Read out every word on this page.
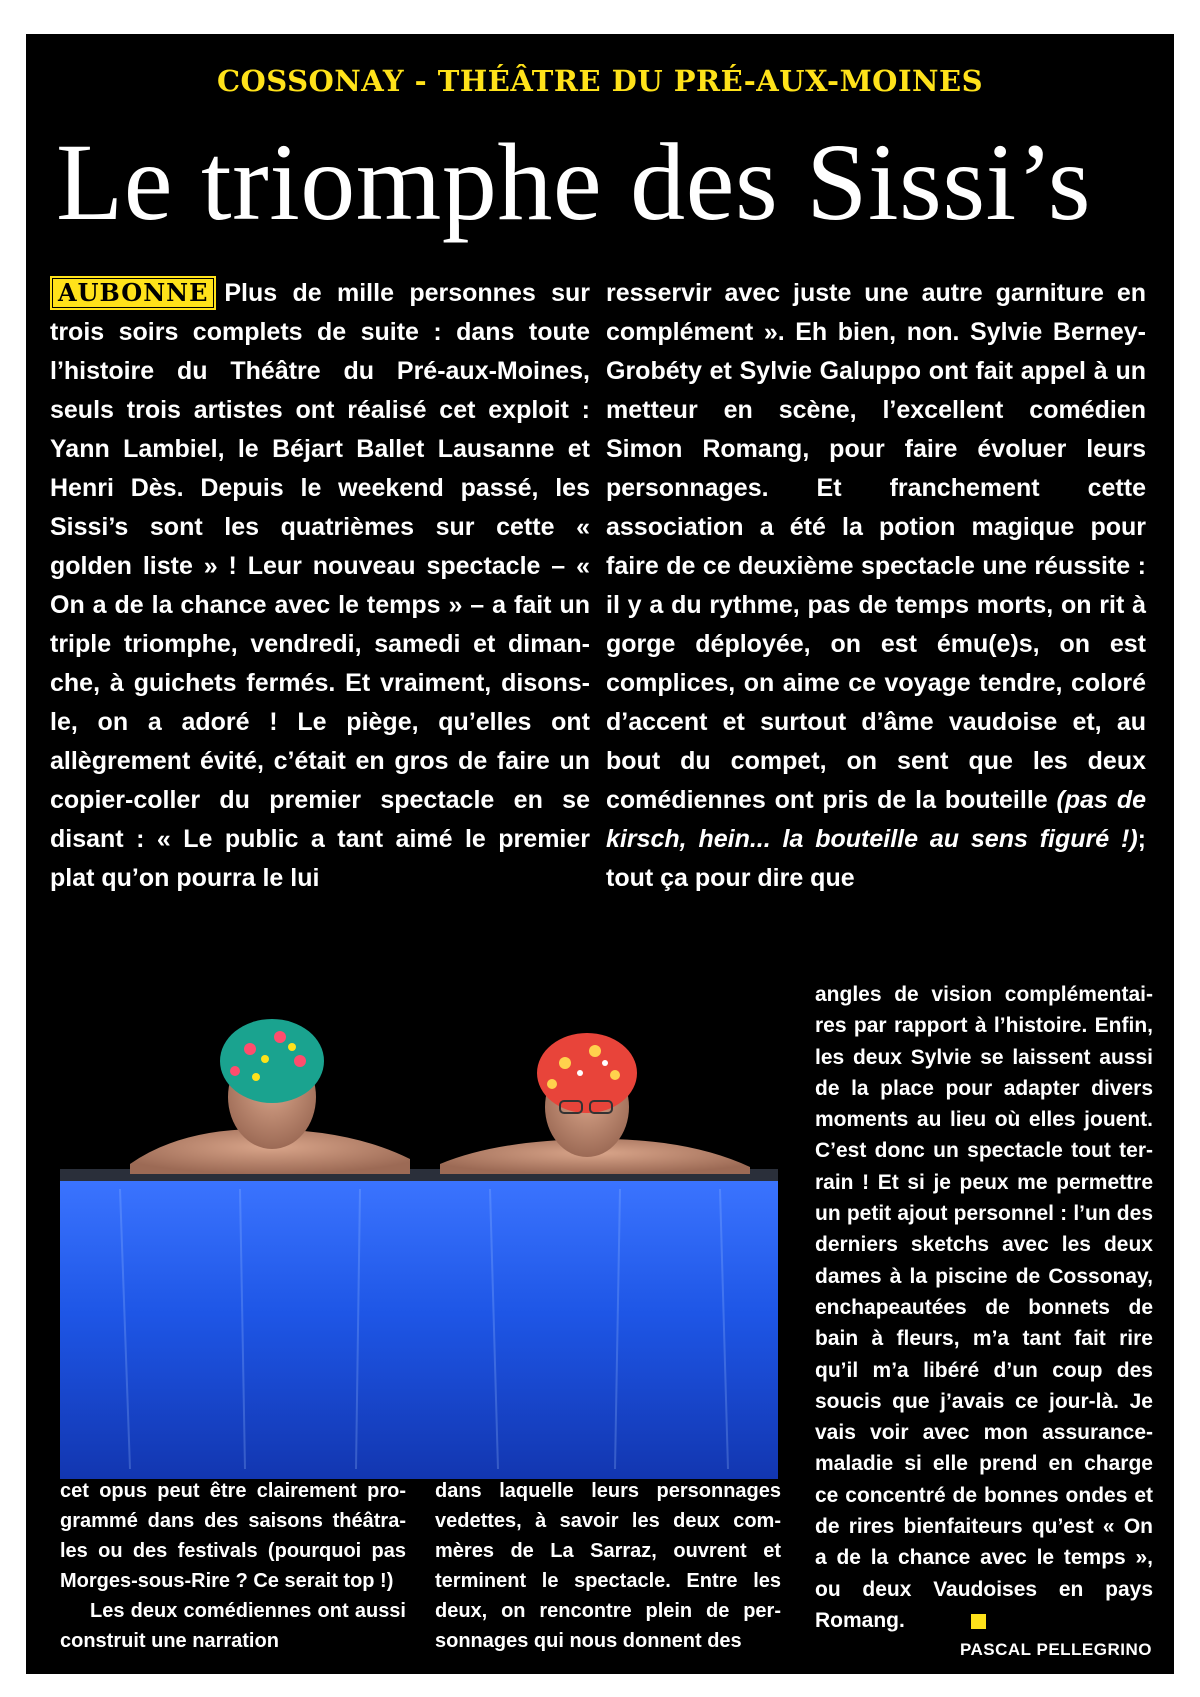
COSSONAY - THÉÂTRE DU PRÉ-AUX-MOINES
Le triomphe des Sissi’s

AUBONNE Plus de mille personnes sur trois soirs complets de suite : dans toute l’histoire du Théâtre du Pré-aux-Moines, seuls trois artistes ont réalisé cet exploit : Yann Lambiel, le Béjart Ballet Lausanne et Henri Dès. Depuis le weekend passé, les Sissi’s sont les quatrièmes sur cette « golden liste » ! Leur nouveau spectacle – « On a de la chance avec le temps » – a fait un triple triomphe, vendredi, samedi et dimanche, à guichets fermés. Et vraiment, disons-le, on a adoré ! Le piège, qu’elles ont allègrement évité, c’était en gros de faire un copier-coller du premier spectacle en se disant : « Le public a tant aimé le premier plat qu’on pourra le lui

resservir avec juste une autre garniture en complément ». Eh bien, non. Sylvie Berney-Grobéty et Sylvie Galuppo ont fait appel à un metteur en scène, l’excellent comédien Simon Romang, pour faire évoluer leurs personnages. Et franchement cette association a été la potion magique pour faire de ce deuxième spectacle une réussite : il y a du rythme, pas de temps morts, on rit à gorge déployée, on est ému(e)s, on est complices, on aime ce voyage tendre, coloré d’accent et surtout d’âme vaudoise et, au bout du compet, on sent que les deux comédiennes ont pris de la bouteille (pas de kirsch, hein... la bouteille au sens figuré !); tout ça pour dire que

angles de vision complémentaires par rapport à l’histoire. Enfin, les deux Sylvie se laissent aussi de la place pour adapter divers moments au lieu où elles jouent. C’est donc un spectacle tout terrain ! Et si je peux me permettre un petit ajout personnel : l’un des derniers sketchs avec les deux dames à la piscine de Cossonay, enchapeautées de bonnets de bain à fleurs, m’a tant fait rire qu’il m’a libéré d’un coup des soucis que j’avais ce jour-là. Je vais voir avec mon assurance-maladie si elle prend en charge ce concentré de bonnes ondes et de rires bienfaiteurs qu’est « On a de la chance avec le temps », ou deux Vaudoises en pays Romang.

cet opus peut être clairement programmé dans des saisons théâtrales ou des festivals (pourquoi pas Morges-sous-Rire ? Ce serait top !)

Les deux comédiennes ont aussi construit une narration

dans laquelle leurs personnages vedettes, à savoir les deux commères de La Sarraz, ouvrent et terminent le spectacle. Entre les deux, on rencontre plein de personnages qui nous donnent des	PASCAL PELLEGRINO
